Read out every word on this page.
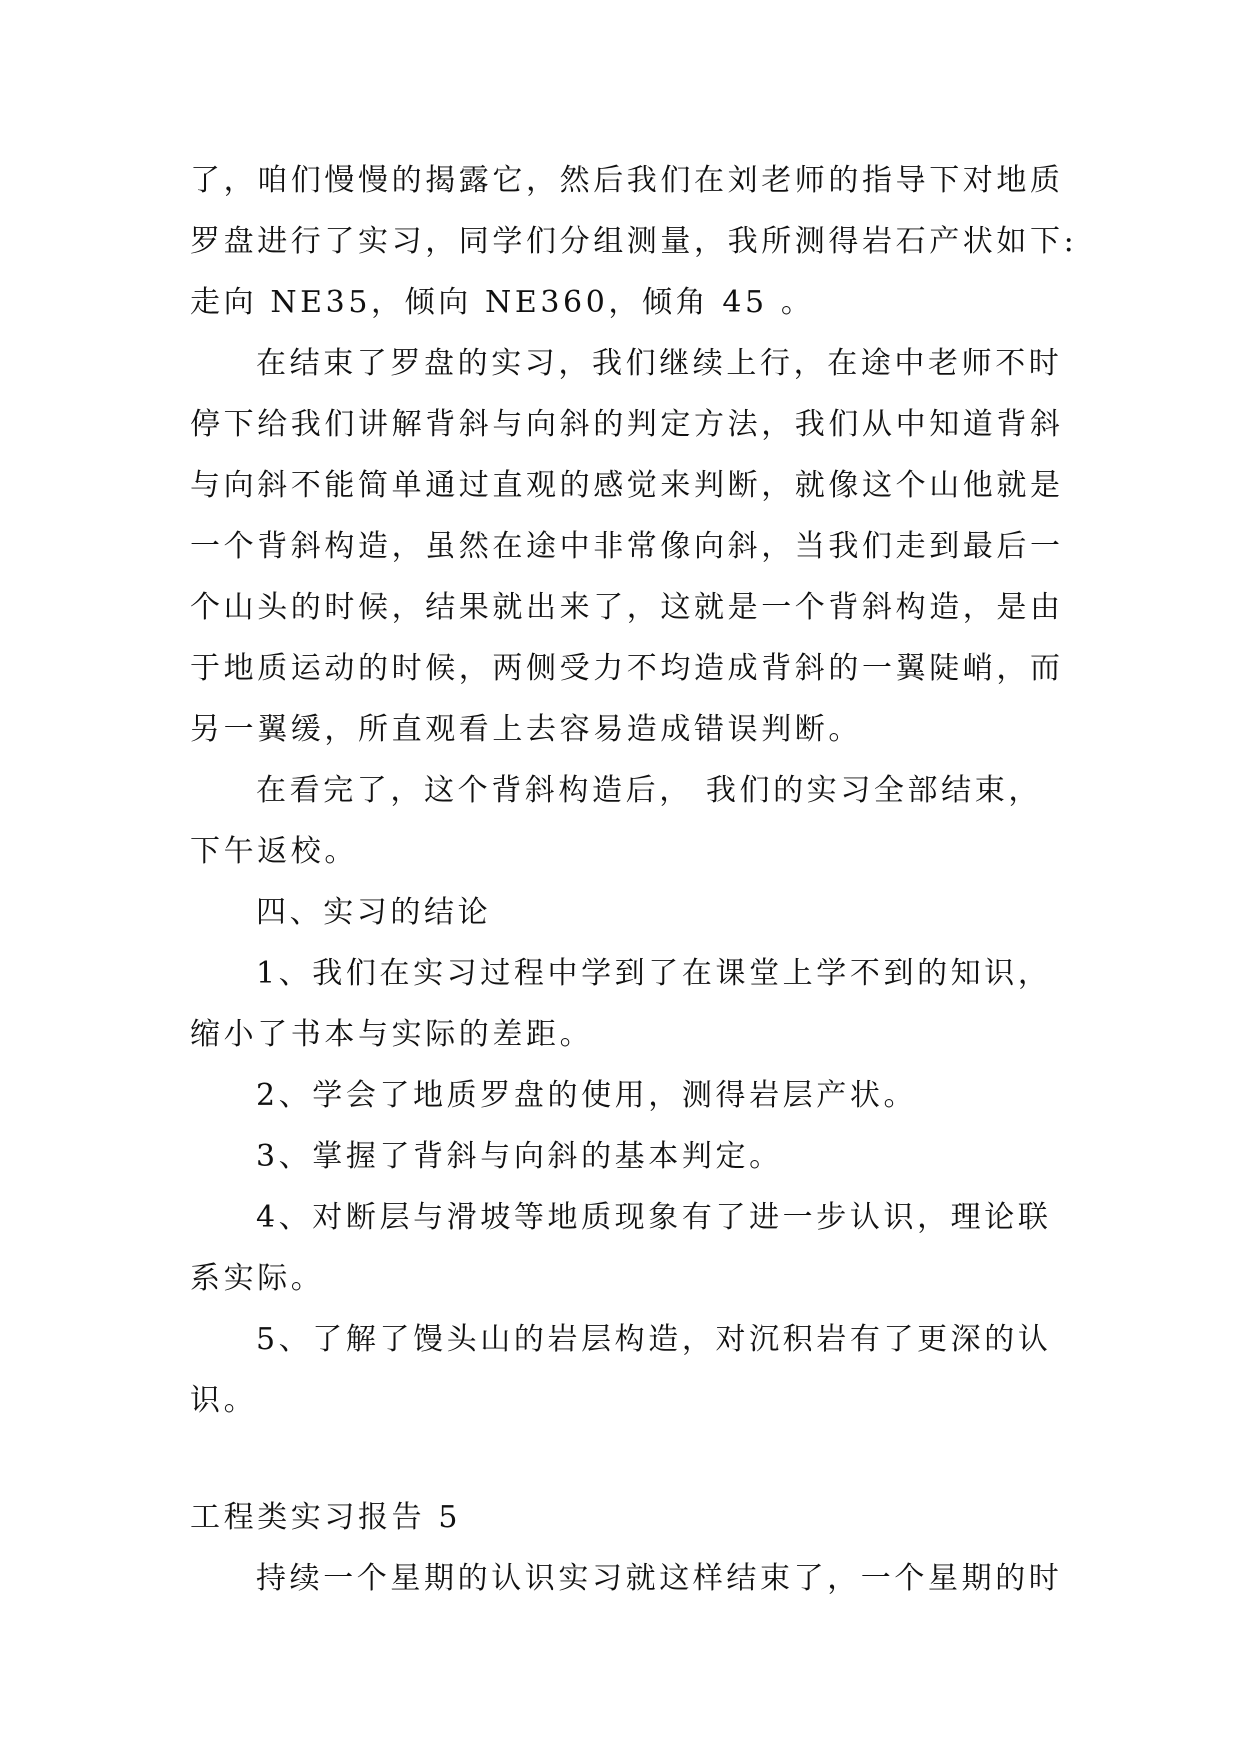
了，咱们慢慢的揭露它，然后我们在刘老师的指导下对地质
罗盘进行了实习，同学们分组测量，我所测得岩石产状如下:
走向 NE35，倾向 NE360，倾角 45 。
在结束了罗盘的实习，我们继续上行，在途中老师不时
停下给我们讲解背斜与向斜的判定方法，我们从中知道背斜
与向斜不能简单通过直观的感觉来判断，就像这个山他就是
一个背斜构造，虽然在途中非常像向斜，当我们走到最后一
个山头的时候，结果就出来了，这就是一个背斜构造，是由
于地质运动的时候，两侧受力不均造成背斜的一翼陡峭，而
另一翼缓，所直观看上去容易造成错误判断。
在看完了，这个背斜构造后， 我们的实习全部结束，
下午返校。
四、实习的结论
1、我们在实习过程中学到了在课堂上学不到的知识，
缩小了书本与实际的差距。
2、学会了地质罗盘的使用，测得岩层产状。
3、掌握了背斜与向斜的基本判定。
4、对断层与滑坡等地质现象有了进一步认识，理论联
系实际。
5、了解了馒头山的岩层构造，对沉积岩有了更深的认
识。
工程类实习报告 5
持续一个星期的认识实习就这样结束了，一个星期的时
